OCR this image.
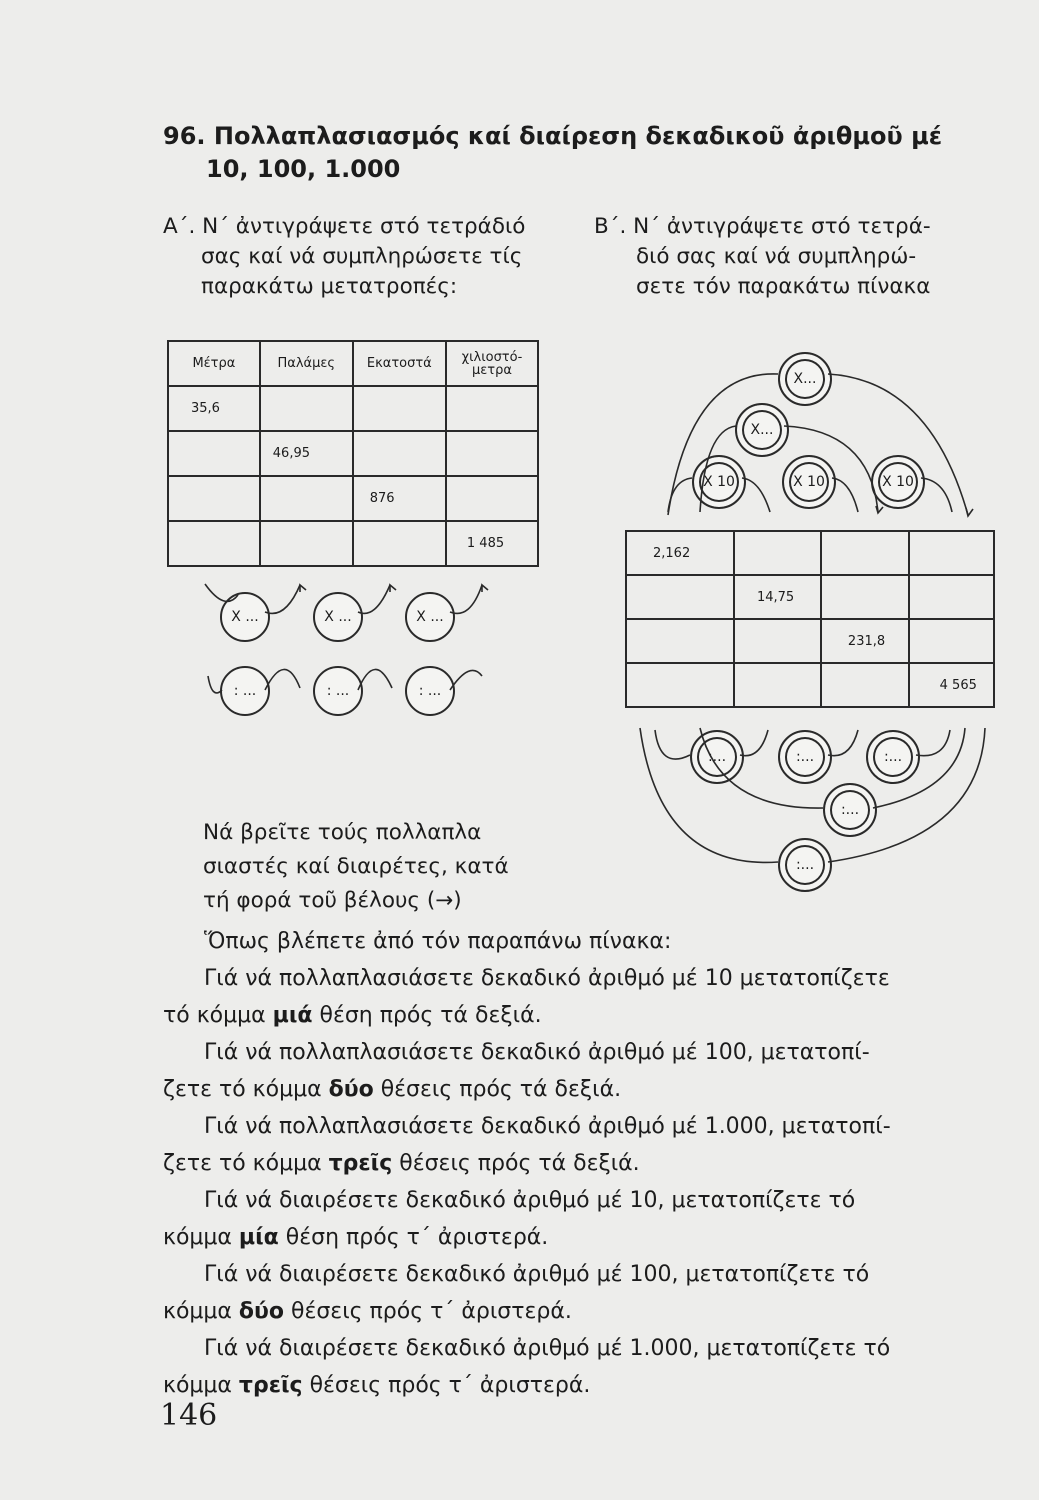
96. Πολλαπλασιασμός καί διαίρεση δεκαδικοῦ ἀριθμοῦ μέ
10, 100, 1.000
A΄. N΄ ἀντιγράψετε στό τετράδιό
σας καί νά συμπληρώσετε τίς
παρακάτω μετατροπές:
B΄. N΄ ἀντιγράψετε στό τετρά-
διό σας καί νά συμπληρώ-
σετε τόν παρακάτω πίνακα
Μέτρα	Παλάμες	Εκατοστά	χιλιοστό-
μετρα
35,6			
	46,95		
		876	
			1 485
X ...	X ...	X ...
: ...	: ...	: ...
2,162			
	14,75		
		231,8	
			4 565
X...
X...
X 10	X 10	X 10
:...	:...	:...
:...
:...
Νά βρεῖτε τούς πολλαπλα
σιαστές καί διαιρέτες, κατά
τή φορά τοῦ βέλους (→)
Ὅπως βλέπετε ἀπό τόν παραπάνω πίνακα:
Γιά νά πολλαπλασιάσετε δεκαδικό ἀριθμό μέ 10 μετατοπίζετε
τό κόμμα μιά θέση πρός τά δεξιά.
Γιά νά πολλαπλασιάσετε δεκαδικό ἀριθμό μέ 100, μετατοπί-
ζετε τό κόμμα δύο θέσεις πρός τά δεξιά.
Γιά νά πολλαπλασιάσετε δεκαδικό ἀριθμό μέ 1.000, μετατοπί-
ζετε τό κόμμα τρεῖς θέσεις πρός τά δεξιά.
Γιά νά διαιρέσετε δεκαδικό ἀριθμό μέ 10, μετατοπίζετε τό
κόμμα μία θέση πρός τ΄ ἀριστερά.
Γιά νά διαιρέσετε δεκαδικό ἀριθμό μέ 100, μετατοπίζετε τό
κόμμα δύο θέσεις πρός τ΄ ἀριστερά.
Γιά νά διαιρέσετε δεκαδικό ἀριθμό μέ 1.000, μετατοπίζετε τό
κόμμα τρεῖς θέσεις πρός τ΄ ἀριστερά.
146
